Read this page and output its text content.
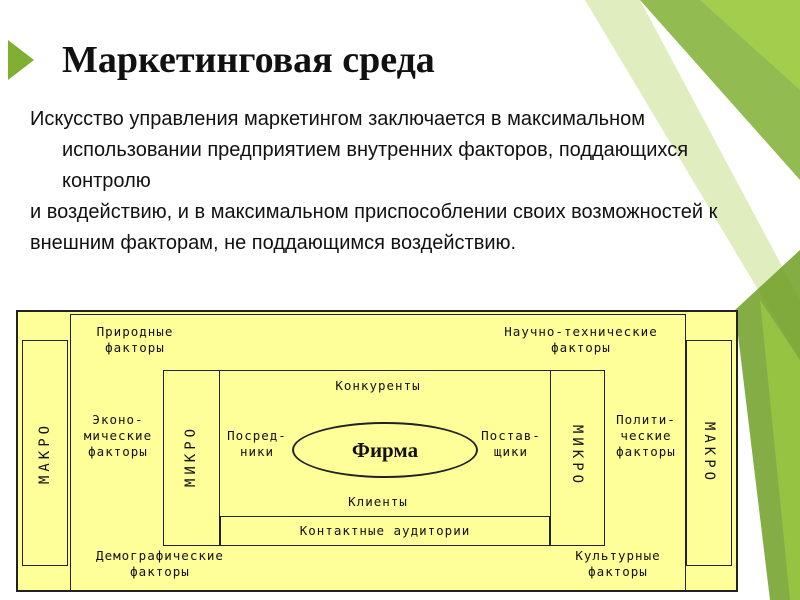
Маркетинговая среда

Искусство управления маркетингом заключается в максимальном использовании предприятием внутренних факторов, поддающихся контролю

и воздействию, и в максимальном приспособлении своих возможностей к

внешним факторам, не поддающимся воздействию.

МАКРО	МАКРО
МИКРО	МИКРО
Природные
факторы
Научно-технические
факторы
Эконо-
мические
факторы
Полити-
ческие
факторы
Демографические
факторы
Культурные
факторы
Конкуренты
Клиенты
Посред-
ники
Постав-
щики
Контактные аудитории
Фирма
